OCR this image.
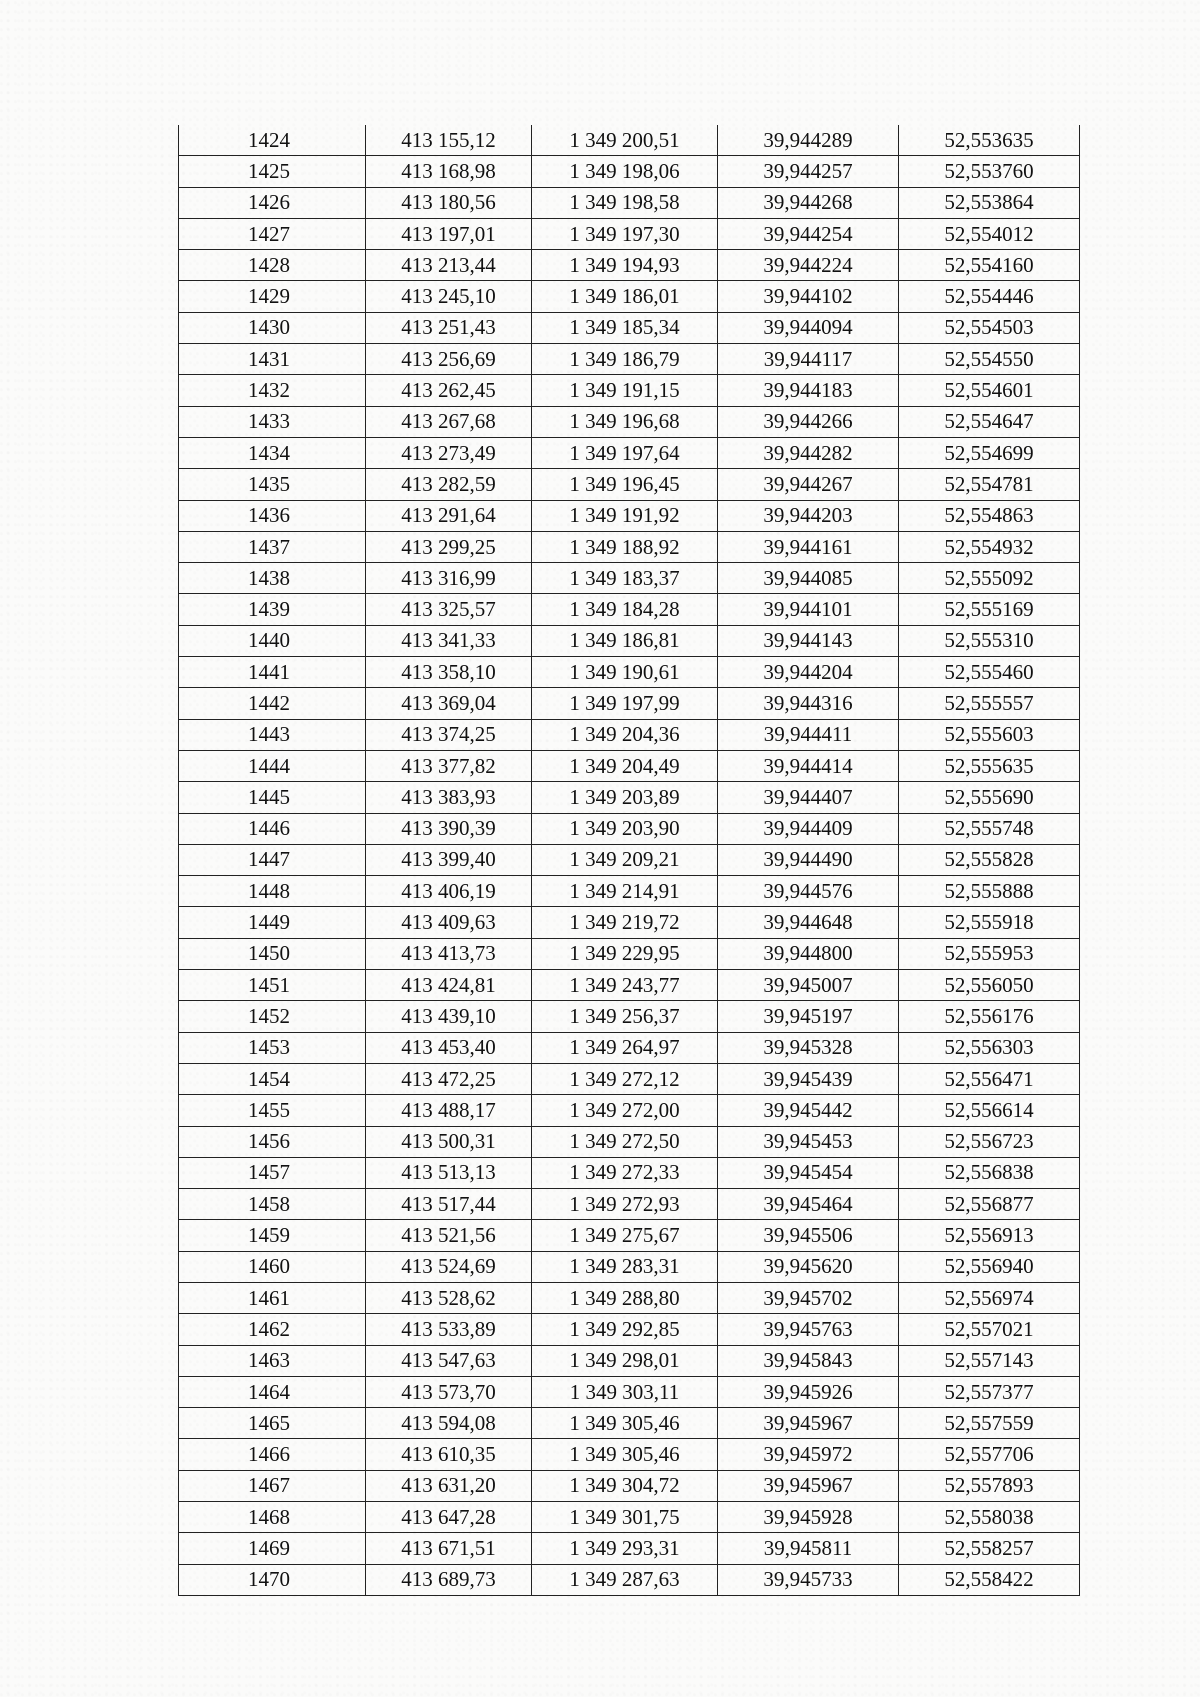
1424	413 155,12	1 349 200,51	39,944289	52,553635
1425	413 168,98	1 349 198,06	39,944257	52,553760
1426	413 180,56	1 349 198,58	39,944268	52,553864
1427	413 197,01	1 349 197,30	39,944254	52,554012
1428	413 213,44	1 349 194,93	39,944224	52,554160
1429	413 245,10	1 349 186,01	39,944102	52,554446
1430	413 251,43	1 349 185,34	39,944094	52,554503
1431	413 256,69	1 349 186,79	39,944117	52,554550
1432	413 262,45	1 349 191,15	39,944183	52,554601
1433	413 267,68	1 349 196,68	39,944266	52,554647
1434	413 273,49	1 349 197,64	39,944282	52,554699
1435	413 282,59	1 349 196,45	39,944267	52,554781
1436	413 291,64	1 349 191,92	39,944203	52,554863
1437	413 299,25	1 349 188,92	39,944161	52,554932
1438	413 316,99	1 349 183,37	39,944085	52,555092
1439	413 325,57	1 349 184,28	39,944101	52,555169
1440	413 341,33	1 349 186,81	39,944143	52,555310
1441	413 358,10	1 349 190,61	39,944204	52,555460
1442	413 369,04	1 349 197,99	39,944316	52,555557
1443	413 374,25	1 349 204,36	39,944411	52,555603
1444	413 377,82	1 349 204,49	39,944414	52,555635
1445	413 383,93	1 349 203,89	39,944407	52,555690
1446	413 390,39	1 349 203,90	39,944409	52,555748
1447	413 399,40	1 349 209,21	39,944490	52,555828
1448	413 406,19	1 349 214,91	39,944576	52,555888
1449	413 409,63	1 349 219,72	39,944648	52,555918
1450	413 413,73	1 349 229,95	39,944800	52,555953
1451	413 424,81	1 349 243,77	39,945007	52,556050
1452	413 439,10	1 349 256,37	39,945197	52,556176
1453	413 453,40	1 349 264,97	39,945328	52,556303
1454	413 472,25	1 349 272,12	39,945439	52,556471
1455	413 488,17	1 349 272,00	39,945442	52,556614
1456	413 500,31	1 349 272,50	39,945453	52,556723
1457	413 513,13	1 349 272,33	39,945454	52,556838
1458	413 517,44	1 349 272,93	39,945464	52,556877
1459	413 521,56	1 349 275,67	39,945506	52,556913
1460	413 524,69	1 349 283,31	39,945620	52,556940
1461	413 528,62	1 349 288,80	39,945702	52,556974
1462	413 533,89	1 349 292,85	39,945763	52,557021
1463	413 547,63	1 349 298,01	39,945843	52,557143
1464	413 573,70	1 349 303,11	39,945926	52,557377
1465	413 594,08	1 349 305,46	39,945967	52,557559
1466	413 610,35	1 349 305,46	39,945972	52,557706
1467	413 631,20	1 349 304,72	39,945967	52,557893
1468	413 647,28	1 349 301,75	39,945928	52,558038
1469	413 671,51	1 349 293,31	39,945811	52,558257
1470	413 689,73	1 349 287,63	39,945733	52,558422
